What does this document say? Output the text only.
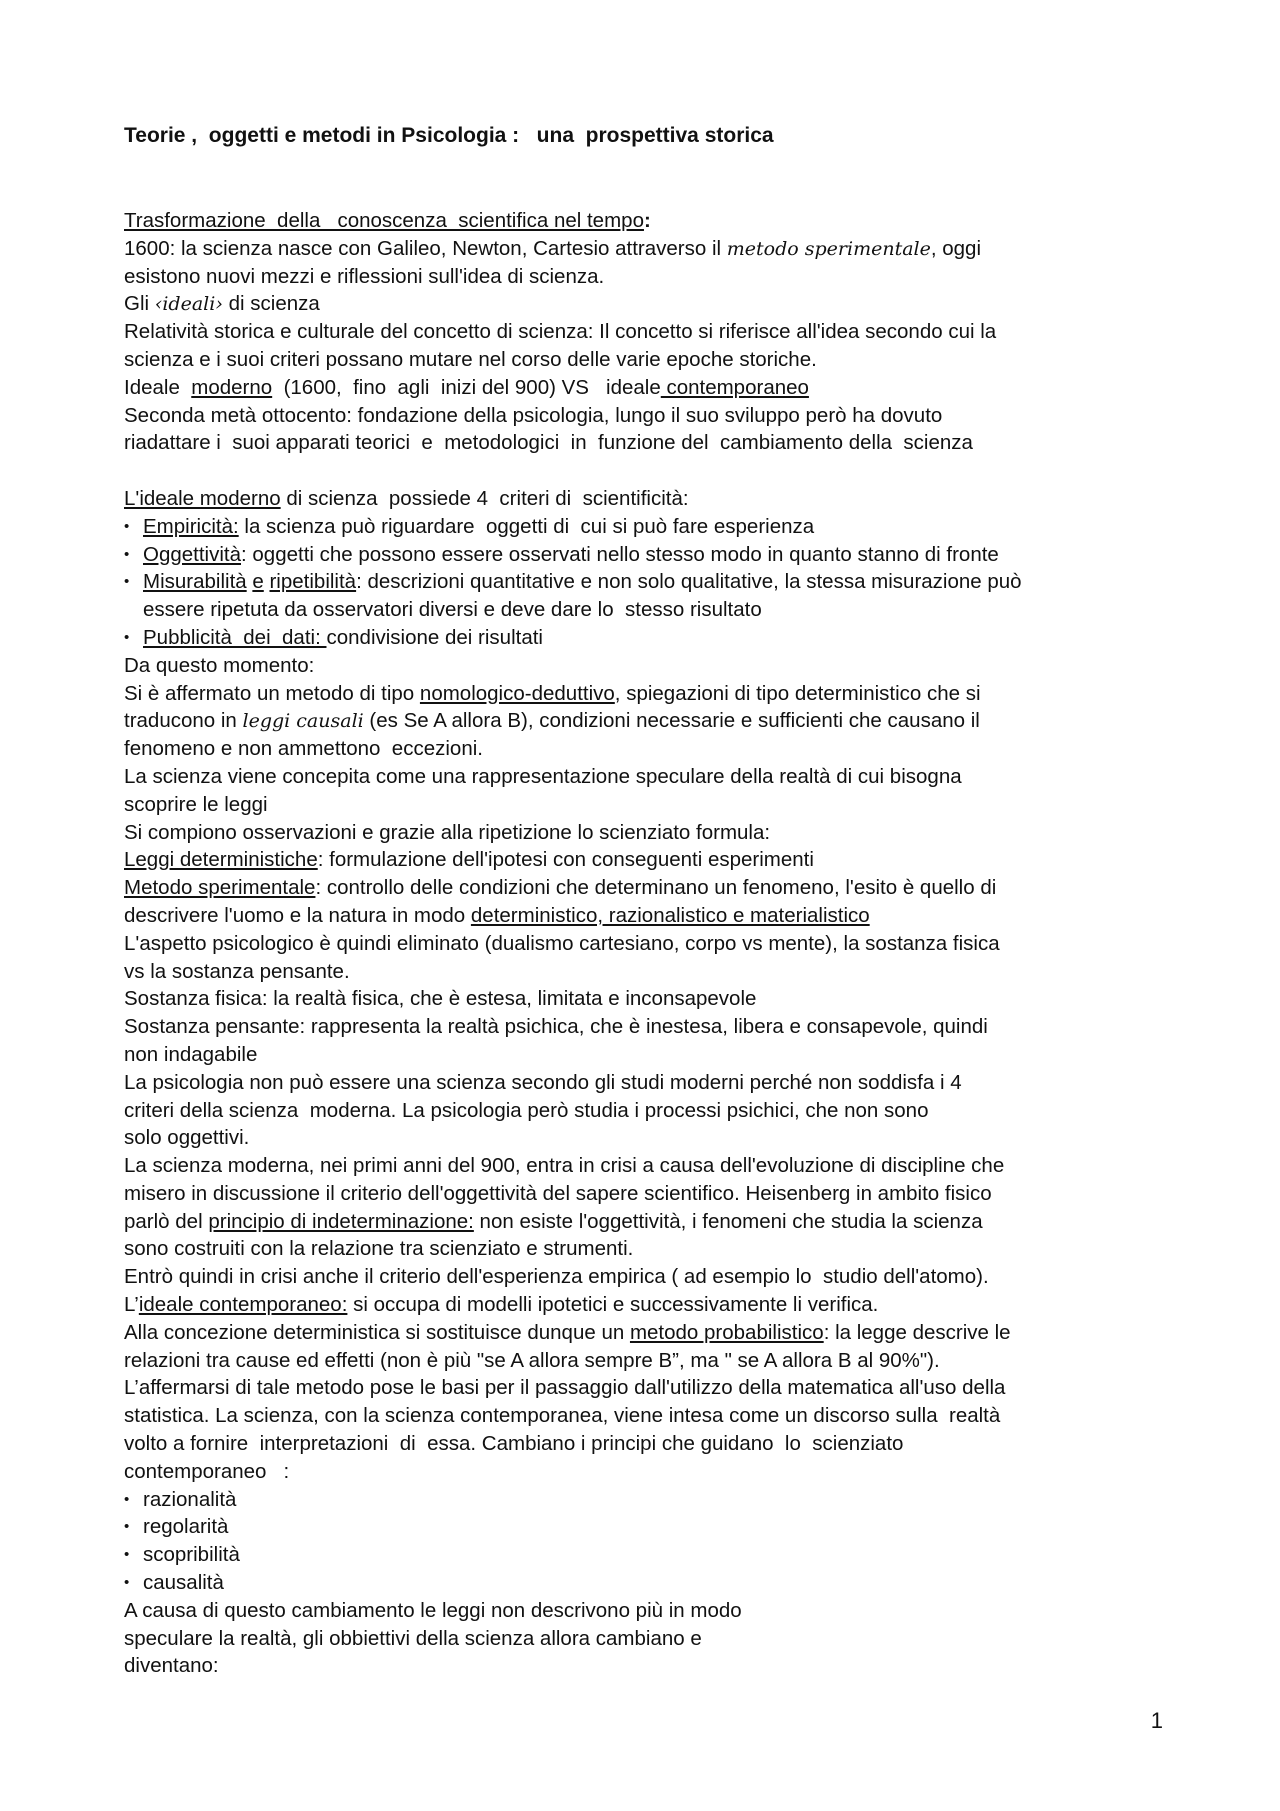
Teorie ,  oggetti e metodi in Psicologia :   una  prospettiva storica
Trasformazione  della   conoscenza  scientifica nel tempo:
1600: la scienza nasce con Galileo, Newton, Cartesio attraverso il metodo sperimentale, oggi
esistono nuovi mezzi e riflessioni sull'idea di scienza.
Gli ‹ideali› di scienza
Relatività storica e culturale del concetto di scienza: Il concetto si riferisce all'idea secondo cui la
scienza e i suoi criteri possano mutare nel corso delle varie epoche storiche.
Ideale  moderno  (1600,  fino  agli  inizi del 900) VS   ideale contemporaneo
Seconda metà ottocento: fondazione della psicologia, lungo il suo sviluppo però ha dovuto
riadattare i  suoi apparati teorici  e  metodologici  in  funzione del  cambiamento della  scienza
L'ideale moderno di scienza  possiede 4  criteri di  scientificità:
• Empiricità: la scienza può riguardare  oggetti di  cui si può fare esperienza
• Oggettività: oggetti che possono essere osservati nello stesso modo in quanto stanno di fronte
• Misurabilità e ripetibilità: descrizioni quantitative e non solo qualitative, la stessa misurazione può
essere ripetuta da osservatori diversi e deve dare lo  stesso risultato
• Pubblicità  dei  dati: condivisione dei risultati
Da questo momento:
Si è affermato un metodo di tipo nomologico-deduttivo, spiegazioni di tipo deterministico che si
traducono in leggi causali (es Se A allora B), condizioni necessarie e sufficienti che causano il
fenomeno e non ammettono  eccezioni.
La scienza viene concepita come una rappresentazione speculare della realtà di cui bisogna
scoprire le leggi
Si compiono osservazioni e grazie alla ripetizione lo scienziato formula:
Leggi deterministiche: formulazione dell'ipotesi con conseguenti esperimenti
Metodo sperimentale: controllo delle condizioni che determinano un fenomeno, l'esito è quello di
descrivere l'uomo e la natura in modo deterministico, razionalistico e materialistico
L'aspetto psicologico è quindi eliminato (dualismo cartesiano, corpo vs mente), la sostanza fisica
vs la sostanza pensante.
Sostanza fisica: la realtà fisica, che è estesa, limitata e inconsapevole
Sostanza pensante: rappresenta la realtà psichica, che è inestesa, libera e consapevole, quindi
non indagabile
La psicologia non può essere una scienza secondo gli studi moderni perché non soddisfa i 4
criteri della scienza  moderna. La psicologia però studia i processi psichici, che non sono
solo oggettivi.
La scienza moderna, nei primi anni del 900, entra in crisi a causa dell'evoluzione di discipline che
misero in discussione il criterio dell'oggettività del sapere scientifico. Heisenberg in ambito fisico
parlò del principio di indeterminazione: non esiste l'oggettività, i fenomeni che studia la scienza
sono costruiti con la relazione tra scienziato e strumenti.
Entrò quindi in crisi anche il criterio dell'esperienza empirica ( ad esempio lo  studio dell'atomo).
L’ideale contemporaneo: si occupa di modelli ipotetici e successivamente li verifica.
Alla concezione deterministica si sostituisce dunque un metodo probabilistico: la legge descrive le
relazioni tra cause ed effetti (non è più "se A allora sempre B”, ma " se A allora B al 90%").
L’affermarsi di tale metodo pose le basi per il passaggio dall'utilizzo della matematica all'uso della
statistica. La scienza, con la scienza contemporanea, viene intesa come un discorso sulla  realtà
volto a fornire  interpretazioni  di  essa. Cambiano i principi che guidano  lo  scienziato
contemporaneo   :
• razionalità
• regolarità
• scopribilità
• causalità
A causa di questo cambiamento le leggi non descrivono più in modo
speculare la realtà, gli obbiettivi della scienza allora cambiano e
diventano:
1
